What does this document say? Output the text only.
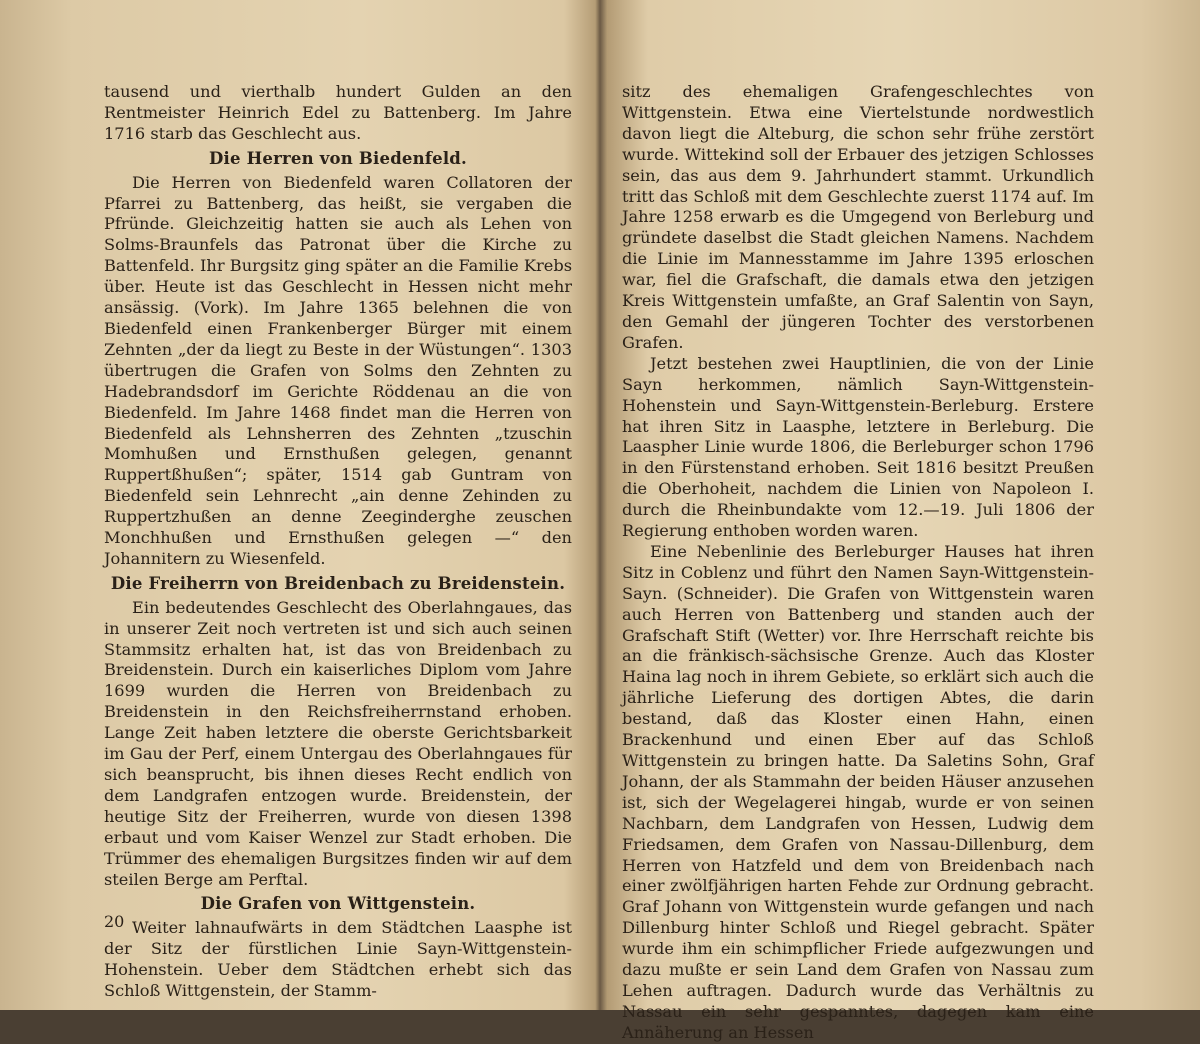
tausend und vierthalb hundert Gulden an den Rentmeister Heinrich Edel zu Battenberg. Im Jahre 1716 starb das Geschlecht aus.

Die Herren von Biedenfeld.

Die Herren von Biedenfeld waren Collatoren der Pfarrei zu Battenberg, das heißt, sie vergaben die Pfründe. Gleichzeitig hatten sie auch als Lehen von Solms-Braunfels das Patronat über die Kirche zu Battenfeld. Ihr Burgsitz ging später an die Familie Krebs über. Heute ist das Geschlecht in Hessen nicht mehr ansässig. (Vork). Im Jahre 1365 belehnen die von Biedenfeld einen Frankenberger Bürger mit einem Zehnten „der da liegt zu Beste in der Wüstungen“. 1303 übertrugen die Grafen von Solms den Zehnten zu Hadebrandsdorf im Gerichte Röddenau an die von Biedenfeld. Im Jahre 1468 findet man die Herren von Biedenfeld als Lehnsherren des Zehnten „tzuschin Momhußen und Ernsthußen gelegen, genannt Ruppertßhußen“; später, 1514 gab Guntram von Biedenfeld sein Lehnrecht „ain denne Zehinden zu Ruppertzhußen an denne Zeeginderghe zeuschen Monchhußen und Ernsthußen gelegen —“ den Johannitern zu Wiesenfeld.

Die Freiherrn von Breidenbach zu Breidenstein.

Ein bedeutendes Geschlecht des Oberlahngaues, das in unserer Zeit noch vertreten ist und sich auch seinen Stammsitz erhalten hat, ist das von Breidenbach zu Breidenstein. Durch ein kaiserliches Diplom vom Jahre 1699 wurden die Herren von Breidenbach zu Breidenstein in den Reichsfreiherrnstand erhoben. Lange Zeit haben letztere die oberste Gerichtsbarkeit im Gau der Perf, einem Untergau des Oberlahngaues für sich beansprucht, bis ihnen dieses Recht endlich von dem Landgrafen entzogen wurde. Breidenstein, der heutige Sitz der Freiherren, wurde von diesen 1398 erbaut und vom Kaiser Wenzel zur Stadt erhoben. Die Trümmer des ehemaligen Burgsitzes finden wir auf dem steilen Berge am Perftal.

Die Grafen von Wittgenstein.

Weiter lahnaufwärts in dem Städtchen Laasphe ist der Sitz der fürstlichen Linie Sayn-Wittgenstein-Hohenstein. Ueber dem Städtchen erhebt sich das Schloß Wittgenstein, der Stamm-

20

sitz des ehemaligen Grafengeschlechtes von Wittgenstein. Etwa eine Viertelstunde nordwestlich davon liegt die Alteburg, die schon sehr frühe zerstört wurde. Wittekind soll der Erbauer des jetzigen Schlosses sein, das aus dem 9. Jahrhundert stammt. Urkundlich tritt das Schloß mit dem Geschlechte zuerst 1174 auf. Im Jahre 1258 erwarb es die Umgegend von Berleburg und gründete daselbst die Stadt gleichen Namens. Nachdem die Linie im Mannesstamme im Jahre 1395 erloschen war, fiel die Grafschaft, die damals etwa den jetzigen Kreis Wittgenstein umfaßte, an Graf Salentin von Sayn, den Gemahl der jüngeren Tochter des verstorbenen Grafen.

Jetzt bestehen zwei Hauptlinien, die von der Linie Sayn herkommen, nämlich Sayn-Wittgenstein-Hohenstein und Sayn-Wittgenstein-Berleburg. Erstere hat ihren Sitz in Laasphe, letztere in Berleburg. Die Laaspher Linie wurde 1806, die Berleburger schon 1796 in den Fürstenstand erhoben. Seit 1816 besitzt Preußen die Oberhoheit, nachdem die Linien von Napoleon I. durch die Rheinbundakte vom 12.—19. Juli 1806 der Regierung enthoben worden waren.

Eine Nebenlinie des Berleburger Hauses hat ihren Sitz in Coblenz und führt den Namen Sayn-Wittgenstein-Sayn. (Schneider). Die Grafen von Wittgenstein waren auch Herren von Battenberg und standen auch der Grafschaft Stift (Wetter) vor. Ihre Herrschaft reichte bis an die fränkisch-sächsische Grenze. Auch das Kloster Haina lag noch in ihrem Gebiete, so erklärt sich auch die jährliche Lieferung des dortigen Abtes, die darin bestand, daß das Kloster einen Hahn, einen Brackenhund und einen Eber auf das Schloß Wittgenstein zu bringen hatte. Da Saletins Sohn, Graf Johann, der als Stammahn der beiden Häuser anzusehen ist, sich der Wegelagerei hingab, wurde er von seinen Nachbarn, dem Landgrafen von Hessen, Ludwig dem Friedsamen, dem Grafen von Nassau-Dillenburg, dem Herren von Hatzfeld und dem von Breidenbach nach einer zwölfjährigen harten Fehde zur Ordnung gebracht. Graf Johann von Wittgenstein wurde gefangen und nach Dillenburg hinter Schloß und Riegel gebracht. Später wurde ihm ein schimpflicher Friede aufgezwungen und dazu mußte er sein Land dem Grafen von Nassau zum Lehen auftragen. Dadurch wurde das Verhältnis zu Nassau ein sehr gespanntes, dagegen kam eine Annäherung an Hessen
